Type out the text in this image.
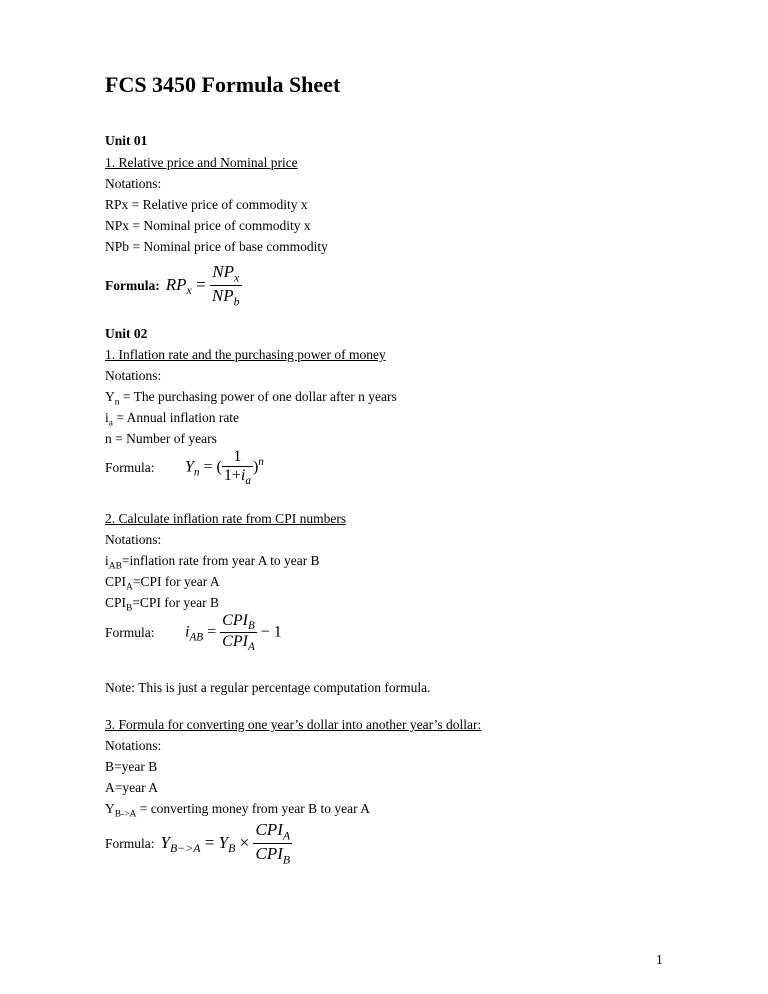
FCS 3450 Formula Sheet
Unit 01
1. Relative price and Nominal price
Notations:
RPx = Relative price of commodity x
NPx = Nominal price of commodity x
NPb = Nominal price of base commodity
Formula: $RP_x = \frac{NP_x}{NP_b}$
Unit 02
1. Inflation rate and the purchasing power of money
Notations:
$Y_n$ = The purchasing power of one dollar after n years
$i_a$ = Annual inflation rate
n = Number of years
Formula:	$Y_n$ = ( $\frac{1}{1+i_a} )^n$
2. Calculate inflation rate from CPI numbers
Notations:
$i_{AB}=inflation$ rate from year A to year B
$CPI_A=CPI$ for year A
$CPI_B=CPI$ for year B
Formula:	$i_{AB} = \frac{CPI_B}{CPI_A} - 1$
Note: This is just a regular percentage computation formula.
3. Formula for converting one year’s dollar into another year’s dollar:
Notations:
B=year B
A=year A
$Y_{B->A}$ = converting money from year B to year A
Formula: $Y_{B->A} = Y_B \times \frac{CPI_A}{CPI_B}$
1
